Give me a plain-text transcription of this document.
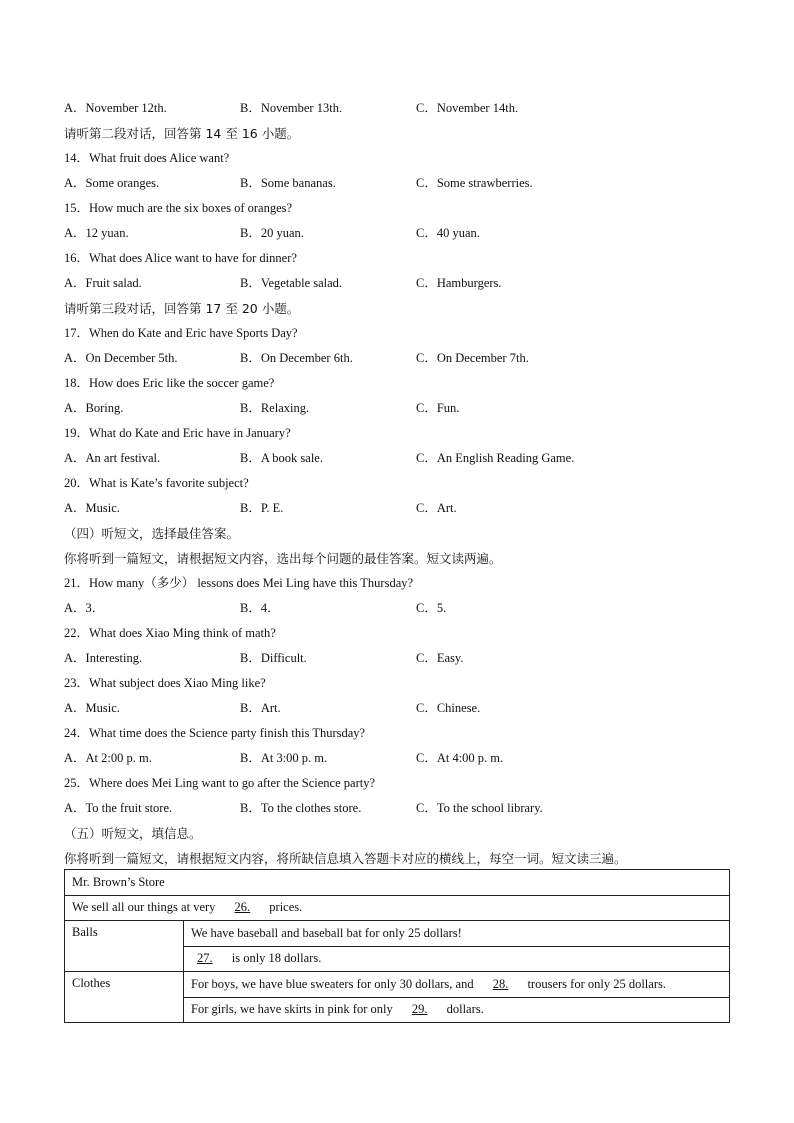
A．November 12th.	B．November 13th.	C．November 14th.
请听第二段对话，回答第 14 至 16 小题。
14．What fruit does Alice want?
A．Some oranges.	B．Some bananas.	C．Some strawberries.
15．How much are the six boxes of oranges?
A．12 yuan.	B．20 yuan.	C．40 yuan.
16．What does Alice want to have for dinner?
A．Fruit salad.	B．Vegetable salad.	C．Hamburgers.
请听第三段对话，回答第 17 至 20 小题。
17．When do Kate and Eric have Sports Day?
A．On December 5th.	B．On December 6th.	C．On December 7th.
18．How does Eric like the soccer game?
A．Boring.	B．Relaxing.	C．Fun.
19．What do Kate and Eric have in January?
A．An art festival.	B．A book sale.	C．An English Reading Game.
20．What is Kate’s favorite subject?
A．Music.	B．P. E.	C．Art.
（四）听短文，选择最佳答案。
你将听到一篇短文，请根据短文内容，选出每个问题的最佳答案。短文读两遍。
21．How many（多少） lessons does Mei Ling have this Thursday?
A．3．	B．4．	C．5.
22．What does Xiao Ming think of math?
A．Interesting.	B．Difficult.	C．Easy.
23．What subject does Xiao Ming like?
A．Music.	B．Art.	C．Chinese.
24．What time does the Science party finish this Thursday?
A．At 2:00 p. m.	B．At 3:00 p. m.	C．At 4:00 p. m.
25．Where does Mei Ling want to go after the Science party?
A．To the fruit store.	B．To the clothes store.	C．To the school library.
（五）听短文，填信息。
你将听到一篇短文，请根据短文内容，将所缺信息填入答题卡对应的横线上，每空一词。短文读三遍。
Mr. Brown’s Store	
We sell all our things at very 26. prices.	
Balls	We have baseball and baseball bat for only 25 dollars!
	27. is only 18 dollars.
Clothes	For boys, we have blue sweaters for only 30 dollars, and 28. trousers for only 25 dollars.
	For girls, we have skirts in pink for only 29. dollars.
